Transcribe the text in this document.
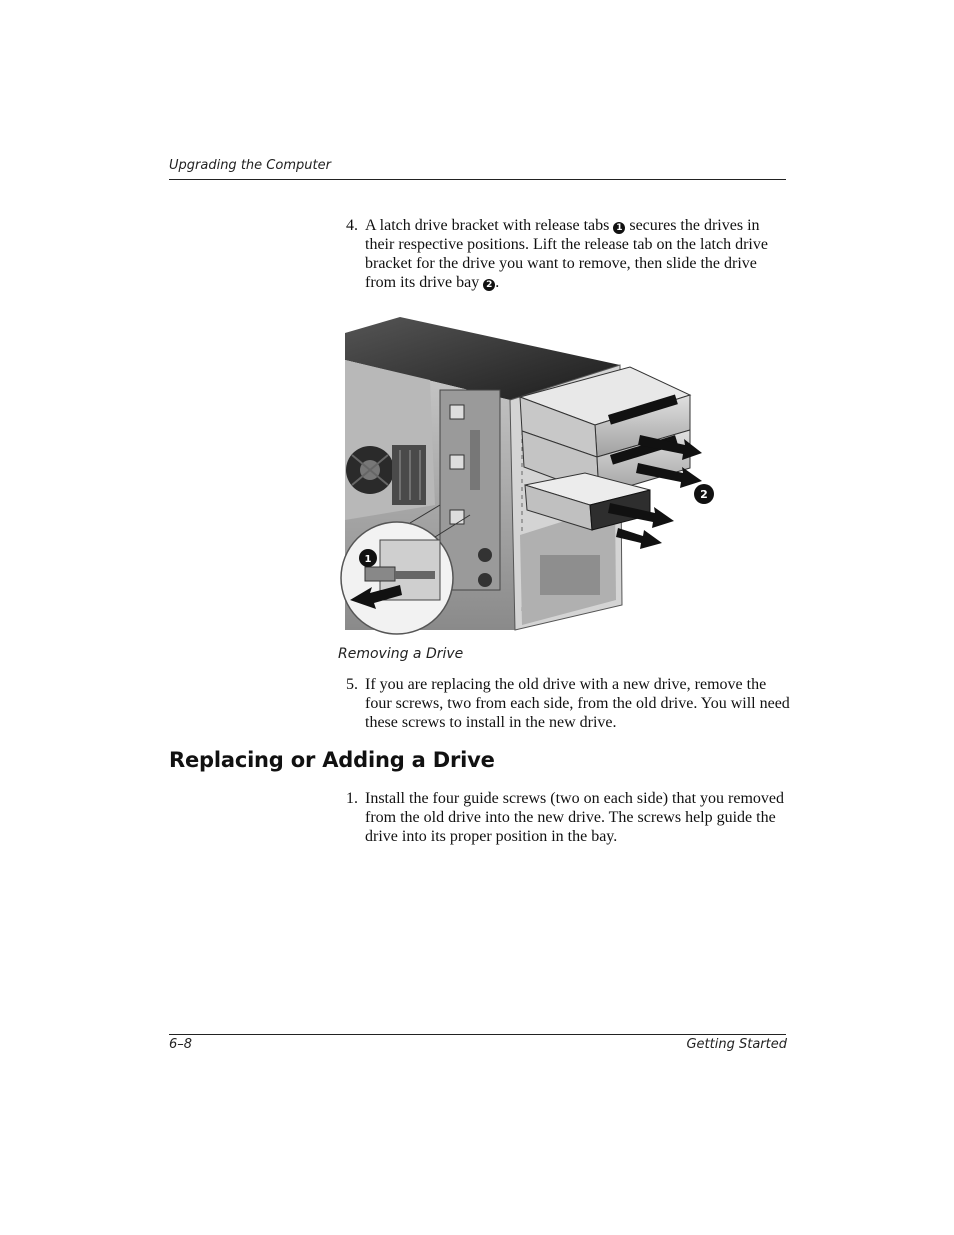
Upgrading the Computer
4. A latch drive bracket with release tabs 1 secures the drives in their respective positions. Lift the release tab on the latch drive bracket for the drive you want to remove, then slide the drive from its drive bay 2 .
2
1
Removing a Drive
5. If you are replacing the old drive with a new drive, remove the four screws, two from each side, from the old drive. You will need these screws to install in the new drive.
Replacing or Adding a Drive
1. Install the four guide screws (two on each side) that you removed from the old drive into the new drive. The screws help guide the drive into its proper position in the bay.
6–8	Getting Started
